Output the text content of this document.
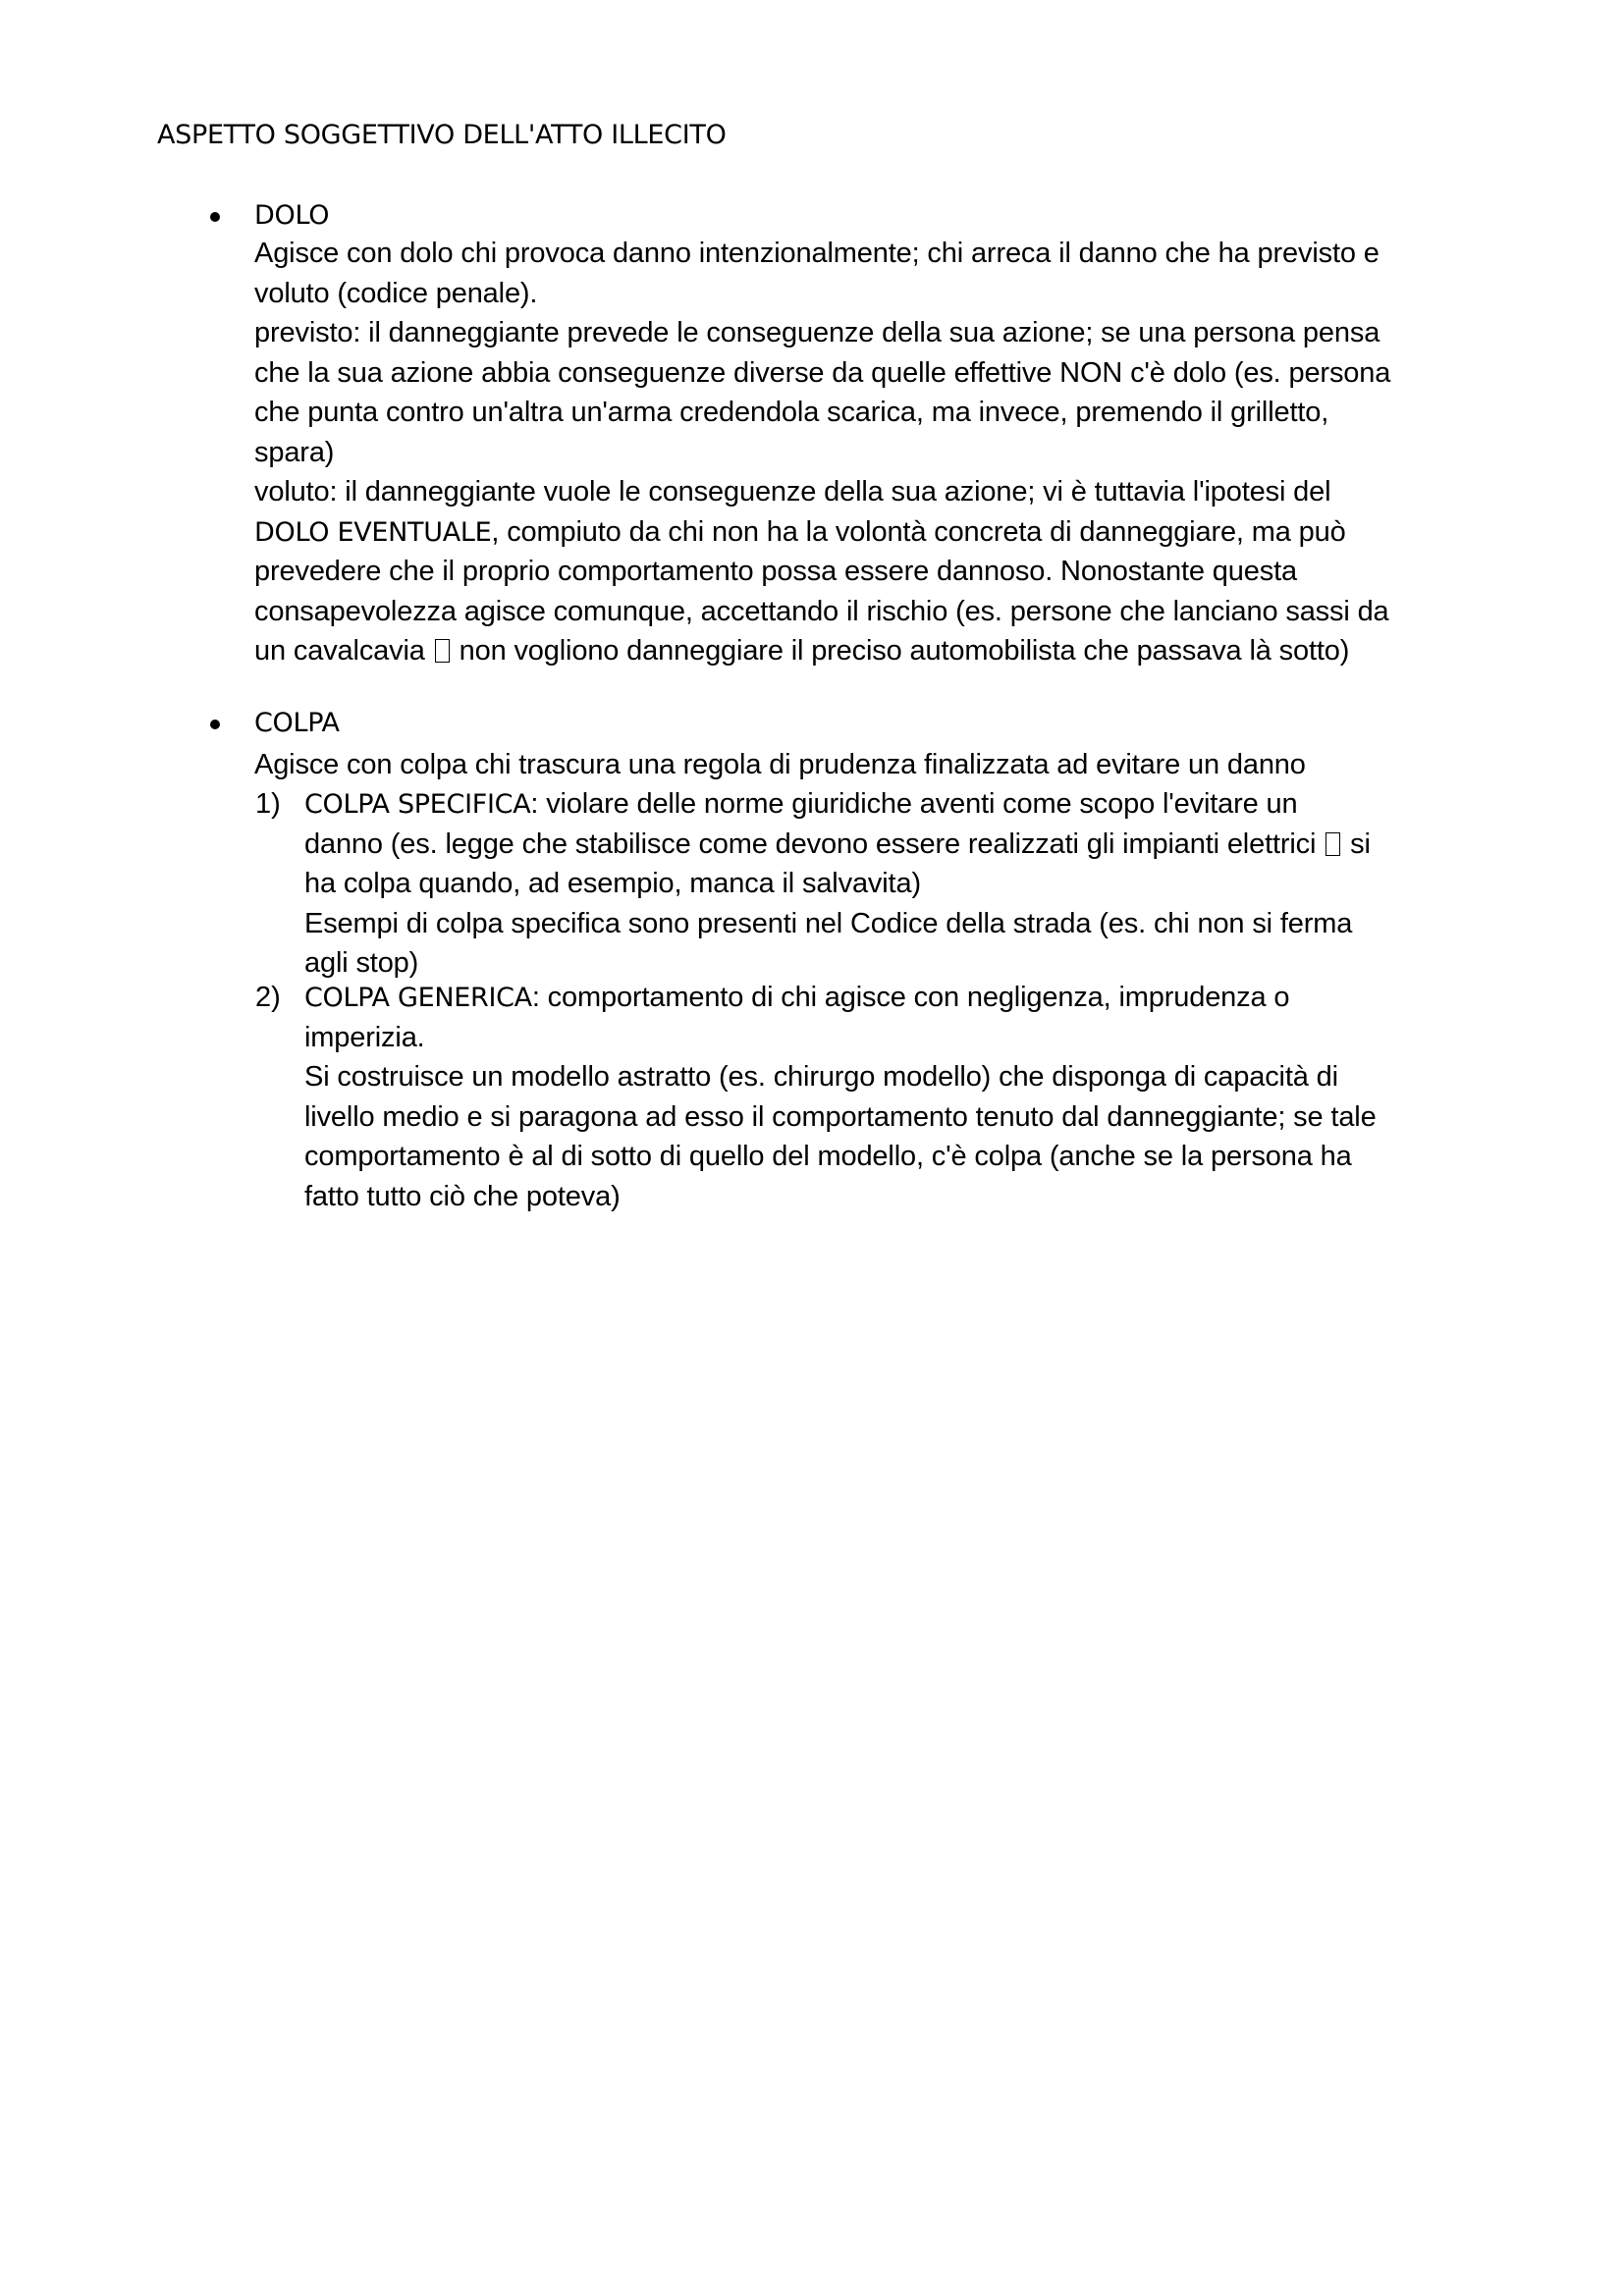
ASPETTO SOGGETTIVO DELL'ATTO ILLECITO
DOLO
Agisce con dolo chi provoca danno intenzionalmente; chi arreca il danno che ha previsto e
voluto (codice penale).
previsto: il danneggiante prevede le conseguenze della sua azione; se una persona pensa
che la sua azione abbia conseguenze diverse da quelle effettive NON c'è dolo (es. persona
che punta contro un'altra un'arma credendola scarica, ma invece, premendo il grilletto,
spara)
voluto: il danneggiante vuole le conseguenze della sua azione; vi è tuttavia l'ipotesi del
DOLO EVENTUALE, compiuto da chi non ha la volontà concreta di danneggiare, ma può
prevedere che il proprio comportamento possa essere dannoso. Nonostante questa
consapevolezza agisce comunque, accettando il rischio (es. persone che lanciano sassi da
un cavalcavia non vogliono danneggiare il preciso automobilista che passava là sotto)
COLPA
Agisce con colpa chi trascura una regola di prudenza finalizzata ad evitare un danno
1) COLPA SPECIFICA: violare delle norme giuridiche aventi come scopo l'evitare un
danno (es. legge che stabilisce come devono essere realizzati gli impianti elettrici si
ha colpa quando, ad esempio, manca il salvavita)
Esempi di colpa specifica sono presenti nel Codice della strada (es. chi non si ferma
agli stop)
2) COLPA GENERICA: comportamento di chi agisce con negligenza, imprudenza o
imperizia.
Si costruisce un modello astratto (es. chirurgo modello) che disponga di capacità di
livello medio e si paragona ad esso il comportamento tenuto dal danneggiante; se tale
comportamento è al di sotto di quello del modello, c'è colpa (anche se la persona ha
fatto tutto ciò che poteva)
